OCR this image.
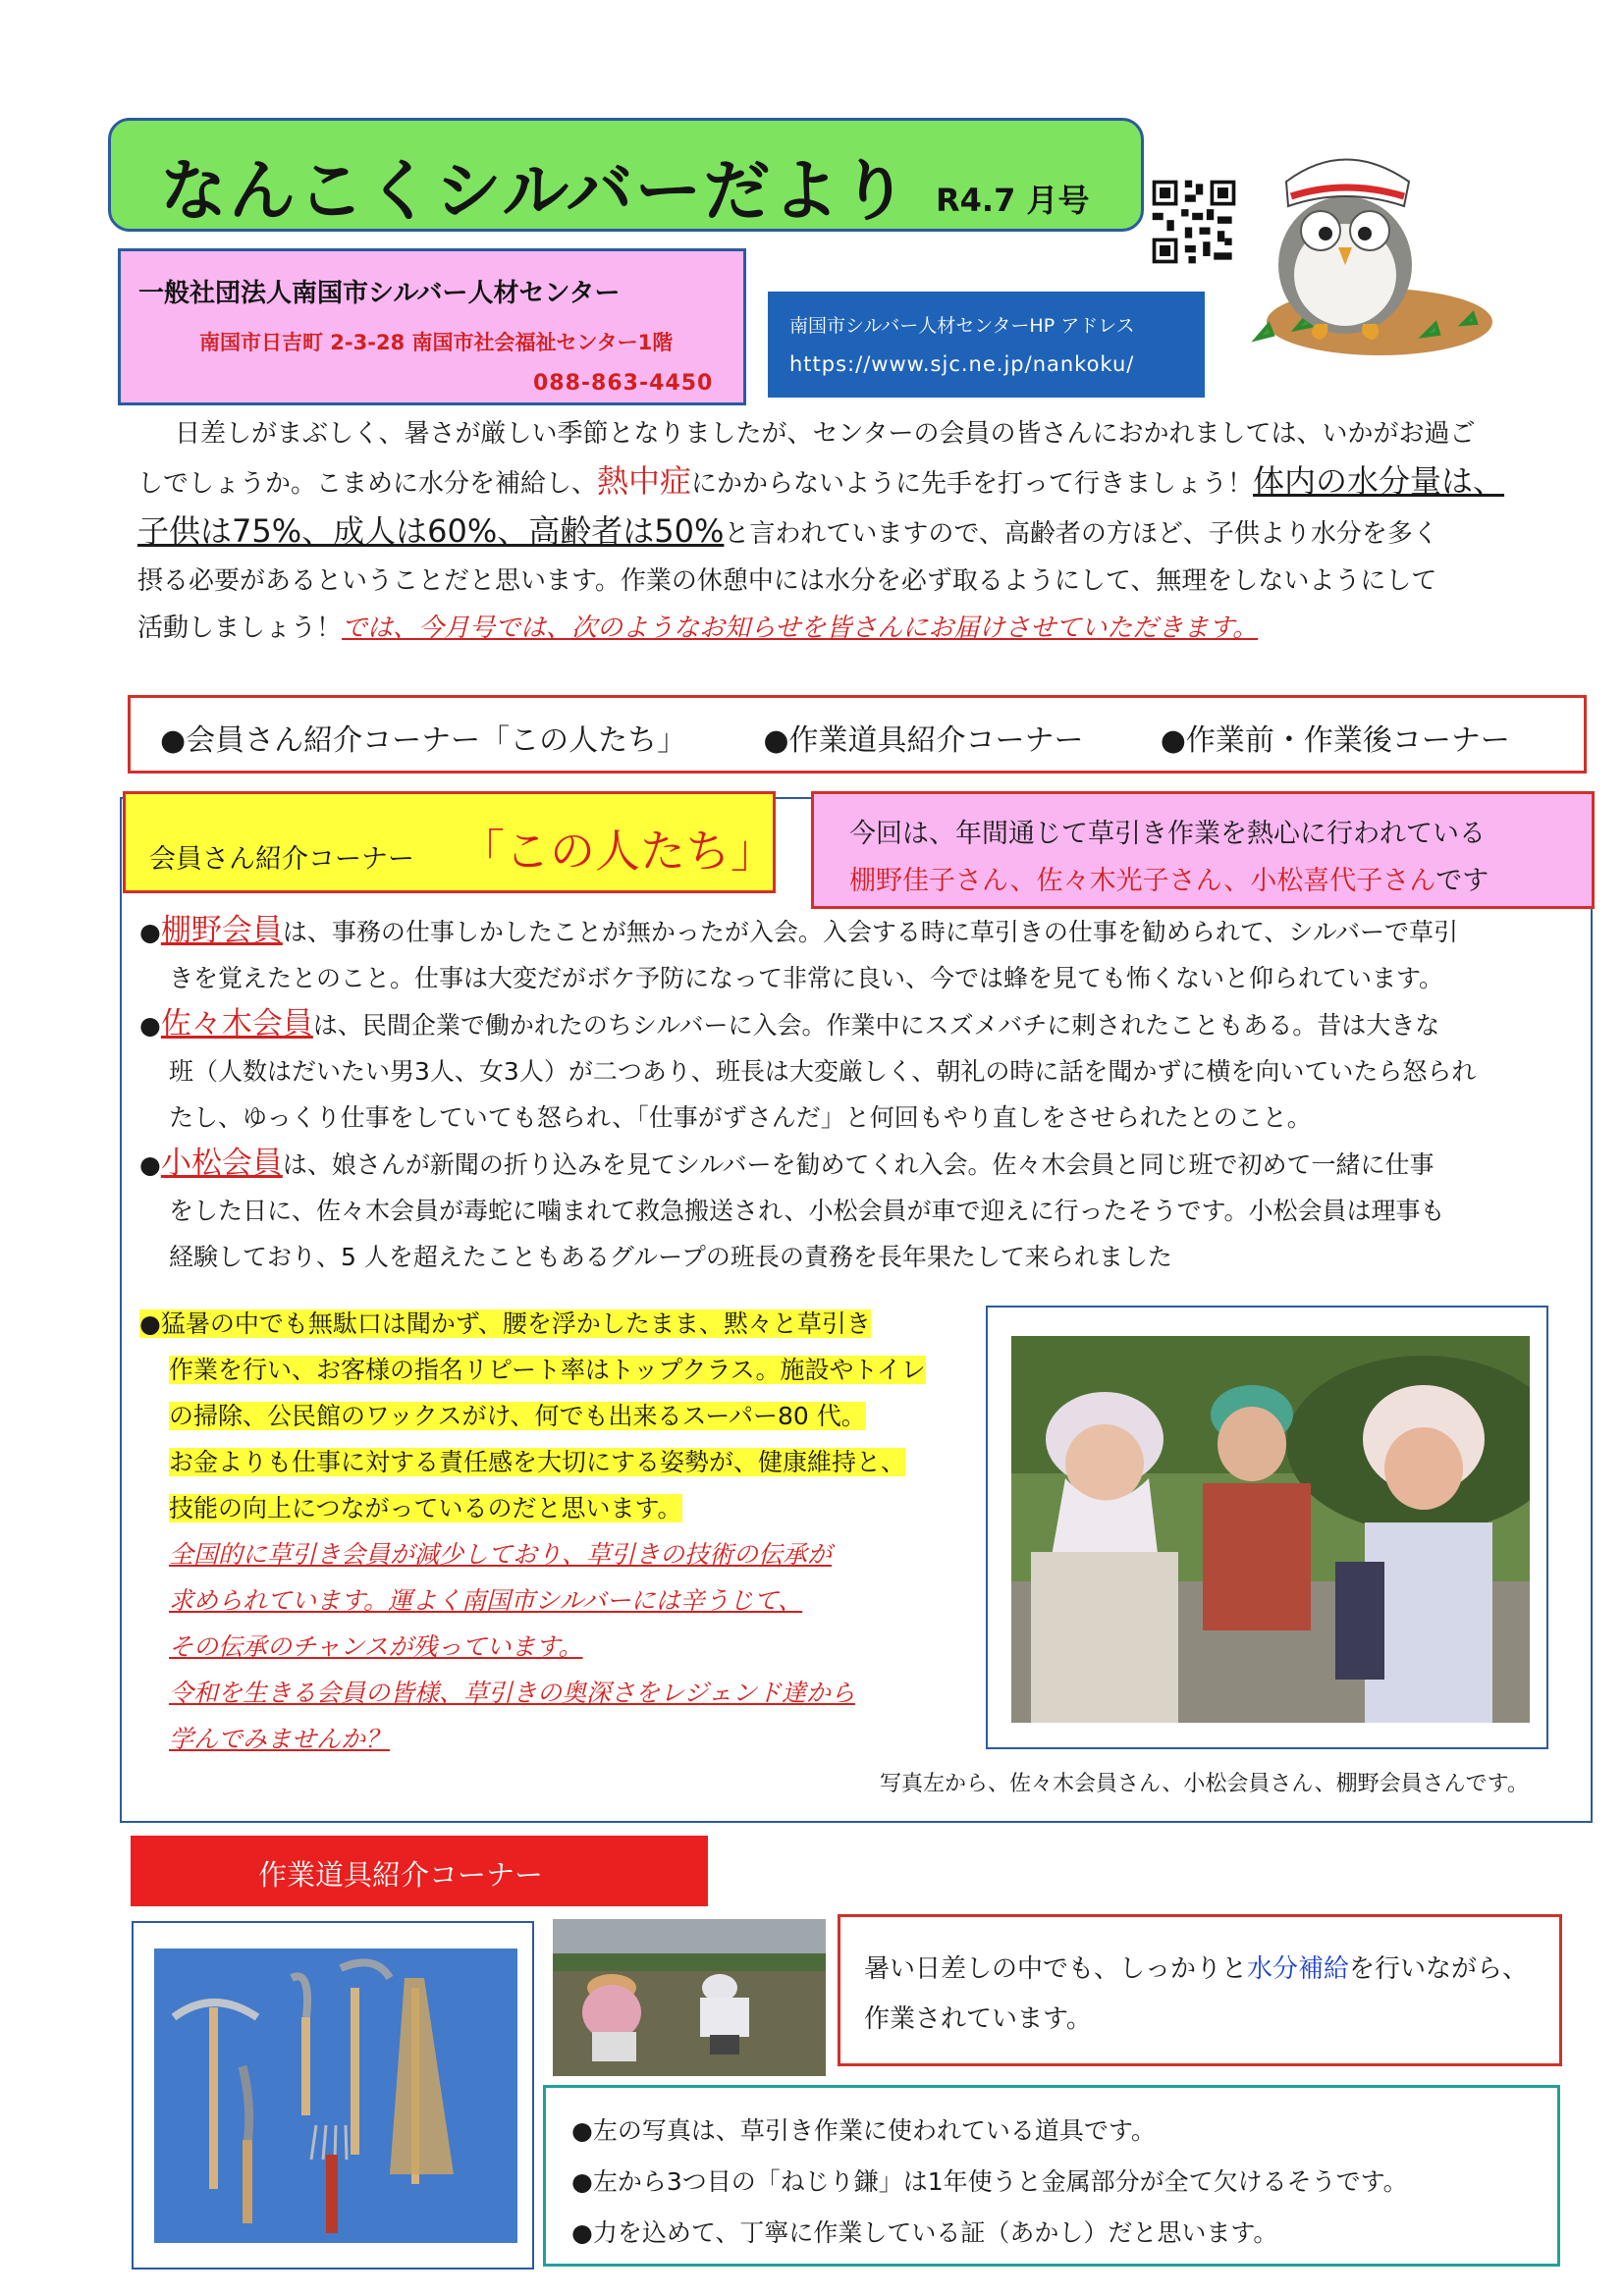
なんこくシルバーだより R4.7 月号
一般社団法人南国市シルバー人材センター
南国市日吉町 2-3-28 南国市社会福祉センター1階
088-863-4450
南国市シルバー人材センターHP アドレス
https://www.sjc.ne.jp/nankoku/

日差しがまぶしく、暑さが厳しい季節となりましたが、センターの会員の皆さんにおかれましては、いかがお過ご

しでしょうか。こまめに水分を補給し、熱中症にかからないように先手を打って行きましょう！体内の水分量は、

子供は75%、成人は60%、高齢者は50%と言われていますので、高齢者の方ほど、子供より水分を多く

摂る必要があるということだと思います。作業の休憩中には水分を必ず取るようにして、無理をしないようにして

活動しましょう！では、今月号では、次のようなお知らせを皆さんにお届けさせていただきます。

●会員さん紹介コーナー「この人たち」	●作業道具紹介コーナー	●作業前・作業後コーナー
会員さん紹介コーナー 「この人たち」	今回は、年間通じて草引き作業を熱心に行われている
棚野佳子さん、佐々木光子さん、小松喜代子さんです

●棚野会員は、事務の仕事しかしたことが無かったが入会。入会する時に草引きの仕事を勧められて、シルバーで草引

きを覚えたとのこと。仕事は大変だがボケ予防になって非常に良い、今では蜂を見ても怖くないと仰られています。

●佐々木会員は、民間企業で働かれたのちシルバーに入会。作業中にスズメバチに刺されたこともある。昔は大きな

班（人数はだいたい男3人、女3人）が二つあり、班長は大変厳しく、朝礼の時に話を聞かずに横を向いていたら怒られ

たし、ゆっくり仕事をしていても怒られ、「仕事がずさんだ」と何回もやり直しをさせられたとのこと。

●小松会員は、娘さんが新聞の折り込みを見てシルバーを勧めてくれ入会。佐々木会員と同じ班で初めて一緒に仕事

をした日に、佐々木会員が毒蛇に噛まれて救急搬送され、小松会員が車で迎えに行ったそうです。小松会員は理事も

経験しており、5 人を超えたこともあるグループの班長の責務を長年果たして来られました

●猛暑の中でも無駄口は聞かず、腰を浮かしたまま、黙々と草引き

作業を行い、お客様の指名リピート率はトップクラス。施設やトイレ

の掃除、公民館のワックスがけ、何でも出来るスーパー80 代。

お金よりも仕事に対する責任感を大切にする姿勢が、健康維持と、

技能の向上につながっているのだと思います。

全国的に草引き会員が減少しており、草引きの技術の伝承が

求められています。運よく南国市シルバーには辛うじて、

その伝承のチャンスが残っています。

令和を生きる会員の皆様、草引きの奥深さをレジェンド達から

学んでみませんか？

写真左から、佐々木会員さん、小松会員さん、棚野会員さんです。
作業道具紹介コーナー
暑い日差しの中でも、しっかりと水分補給を行いながら、
作業されています。

●左の写真は、草引き作業に使われている道具です。

●左から3つ目の「ねじり鎌」は1年使うと金属部分が全て欠けるそうです。

●力を込めて、丁寧に作業している証（あかし）だと思います。
